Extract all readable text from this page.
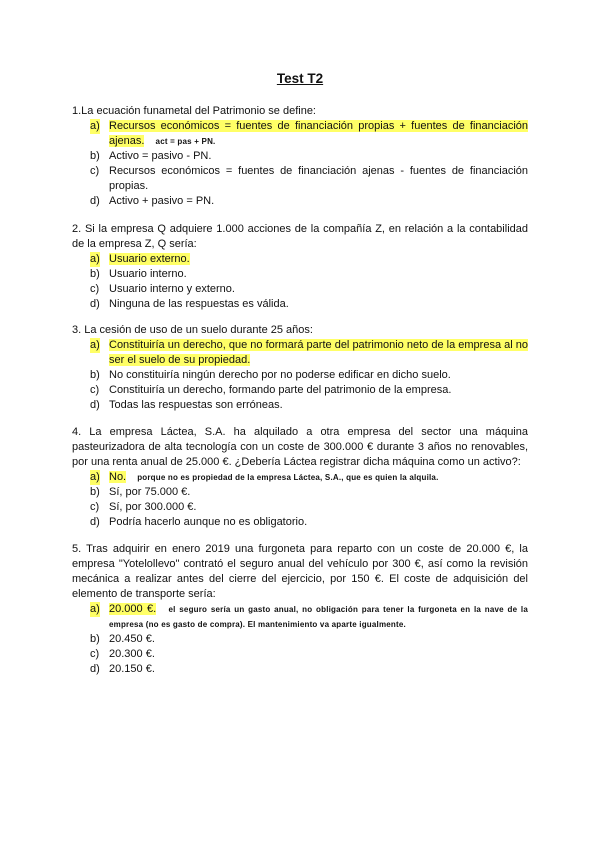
Test T2
1.La ecuación funametal del Patrimonio se define:
a) Recursos económicos = fuentes de financiación propias + fuentes de financiación ajenas. act = pas + PN.
b) Activo = pasivo - PN.
c) Recursos económicos = fuentes de financiación ajenas - fuentes de financiación propias.
d) Activo + pasivo = PN.
2. Si la empresa Q adquiere 1.000 acciones de la compañía Z, en relación a la contabilidad de la empresa Z, Q sería:
a) Usuario externo.
b) Usuario interno.
c) Usuario interno y externo.
d) Ninguna de las respuestas es válida.
3. La cesión de uso de un suelo durante 25 años:
a) Constituiría un derecho, que no formará parte del patrimonio neto de la empresa al no ser el suelo de su propiedad.
b) No constituiría ningún derecho por no poderse edificar en dicho suelo.
c) Constituiría un derecho, formando parte del patrimonio de la empresa.
d) Todas las respuestas son erróneas.
4. La empresa Láctea, S.A. ha alquilado a otra empresa del sector una máquina pasteurizadora de alta tecnología con un coste de 300.000 € durante 3 años no renovables, por una renta anual de 25.000 €. ¿Debería Láctea registrar dicha máquina como un activo?:
a) No. porque no es propiedad de la empresa Láctea, S.A., que es quien la alquila.
b) Sí, por 75.000 €.
c) Sí, por 300.000 €.
d) Podría hacerlo aunque no es obligatorio.
5. Tras adquirir en enero 2019 una furgoneta para reparto con un coste de 20.000 €, la empresa "Yotelollevo" contrató el seguro anual del vehículo por 300 €, así como la revisión mecánica a realizar antes del cierre del ejercicio, por 150 €. El coste de adquisición del elemento de transporte sería:
a) 20.000 €. el seguro sería un gasto anual, no obligación para tener la furgoneta en la nave de la empresa (no es gasto de compra). El mantenimiento va aparte igualmente.
b) 20.450 €.
c) 20.300 €.
d) 20.150 €.
